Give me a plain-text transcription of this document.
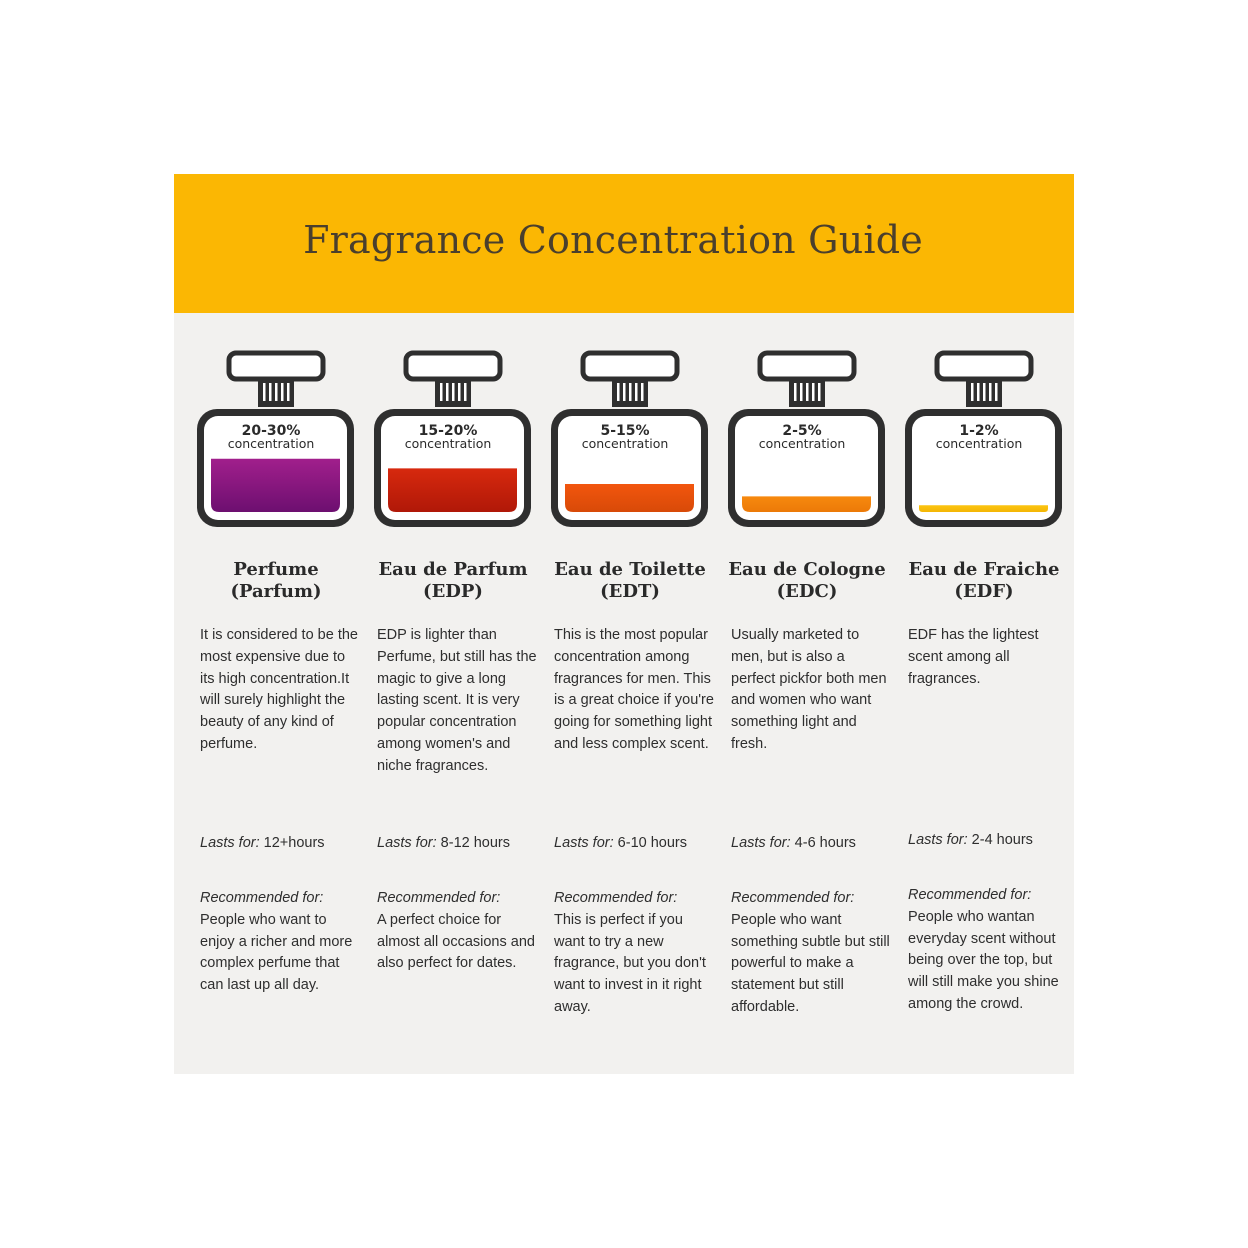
Fragrance Concentration Guide
20-30%
concentration
Perfume
(Parfum)
It is considered to be the most expensive due to its high concentration.It will surely highlight the beauty of any kind of perfume.
Lasts for: 12+hours
Recommended for:
People who want to enjoy a richer and more complex perfume that can last up all day.
15-20%
concentration
Eau de Parfum
(EDP)
EDP is lighter than Perfume, but still has the magic to give a long lasting scent. It is very popular concentration among women's and niche fragrances.
Lasts for: 8-12 hours
Recommended for:
A perfect choice for almost all occasions and also perfect for dates.
5-15%
concentration
Eau de Toilette
(EDT)
This is the most popular concentration among fragrances for men. This is a great choice if you're going for something light and less complex scent.
Lasts for: 6-10 hours
Recommended for:
This is perfect if you want to try a new fragrance, but you don't want to invest in it right away.
2-5%
concentration
Eau de Cologne
(EDC)
Usually marketed to men, but is also a perfect pickfor both men and women who want something light and fresh.
Lasts for: 4-6 hours
Recommended for:
People who want something subtle but still powerful to make a statement but still affordable.
1-2%
concentration
Eau de Fraiche
(EDF)
EDF has the lightest scent among all fragrances.
Lasts for: 2-4 hours
Recommended for:
People who wantan everyday scent without being over the top, but will still make you shine among the crowd.
